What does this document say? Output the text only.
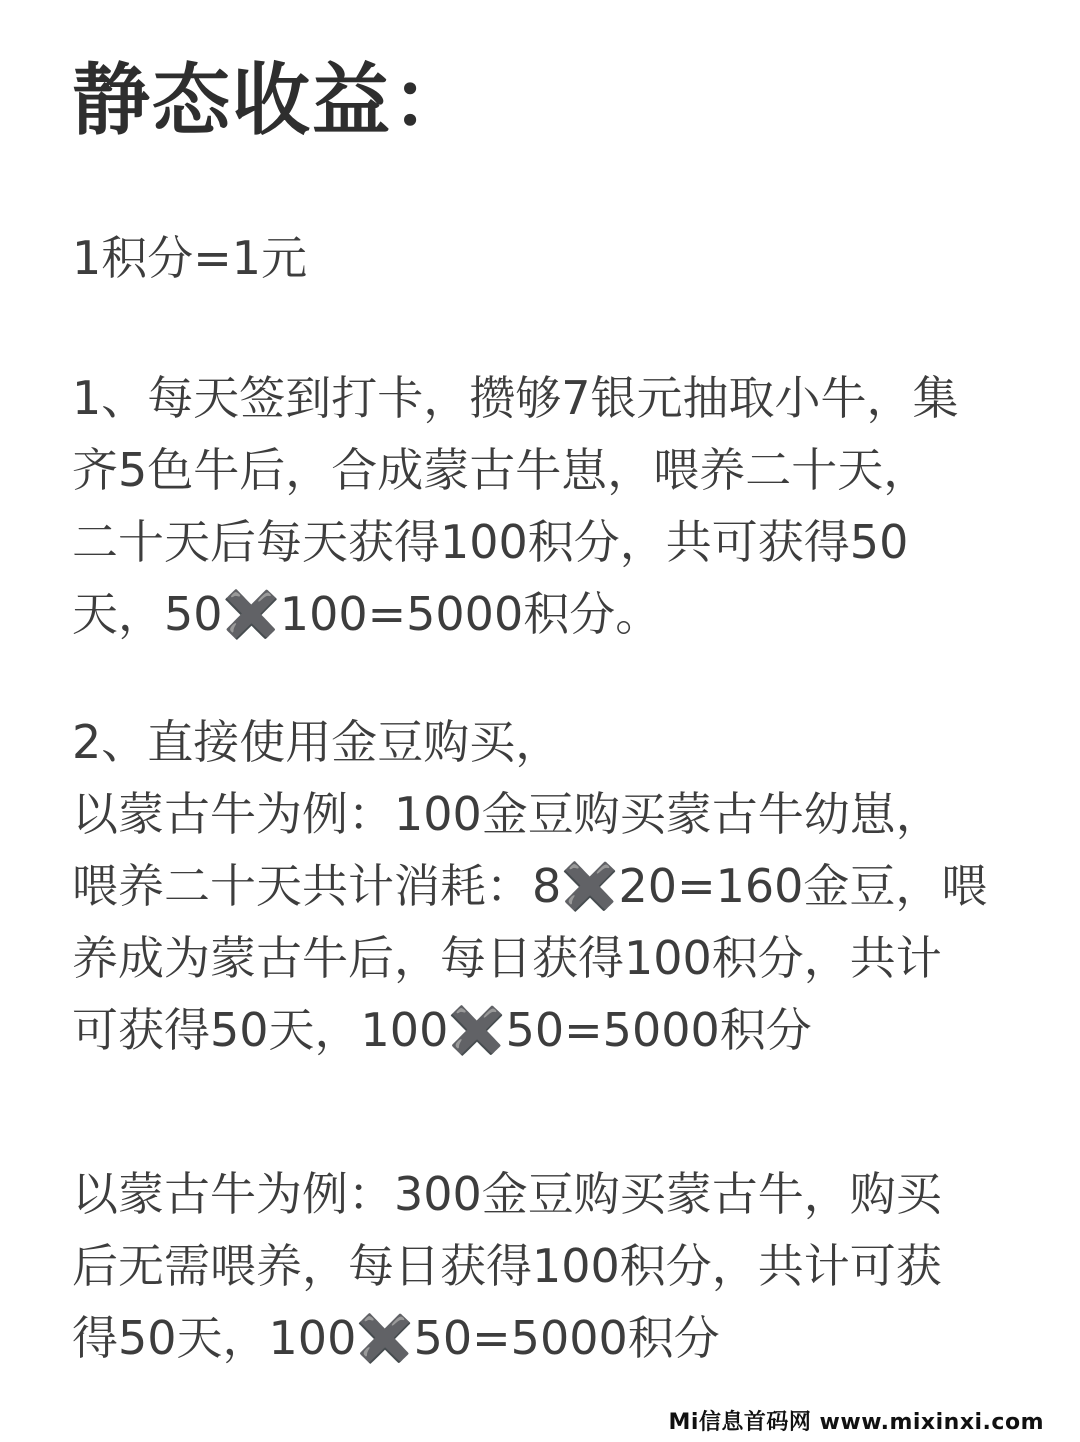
静态收益：

1积分=1元

1、每天签到打卡，攒够7银元抽取小牛，集
齐5色牛后，合成蒙古牛崽，喂养二十天，
二十天后每天获得100积分，共可获得50
天，50✖️100=5000积分。
2、直接使用金豆购买，
以蒙古牛为例：100金豆购买蒙古牛幼崽，
喂养二十天共计消耗：8✖️20=160金豆，喂
养成为蒙古牛后，每日获得100积分，共计
可获得50天，100✖️50=5000积分
以蒙古牛为例：300金豆购买蒙古牛，购买
后无需喂养，每日获得100积分，共计可获
得50天，100✖️50=5000积分
Mi信息首码网 www.mixinxi.com
